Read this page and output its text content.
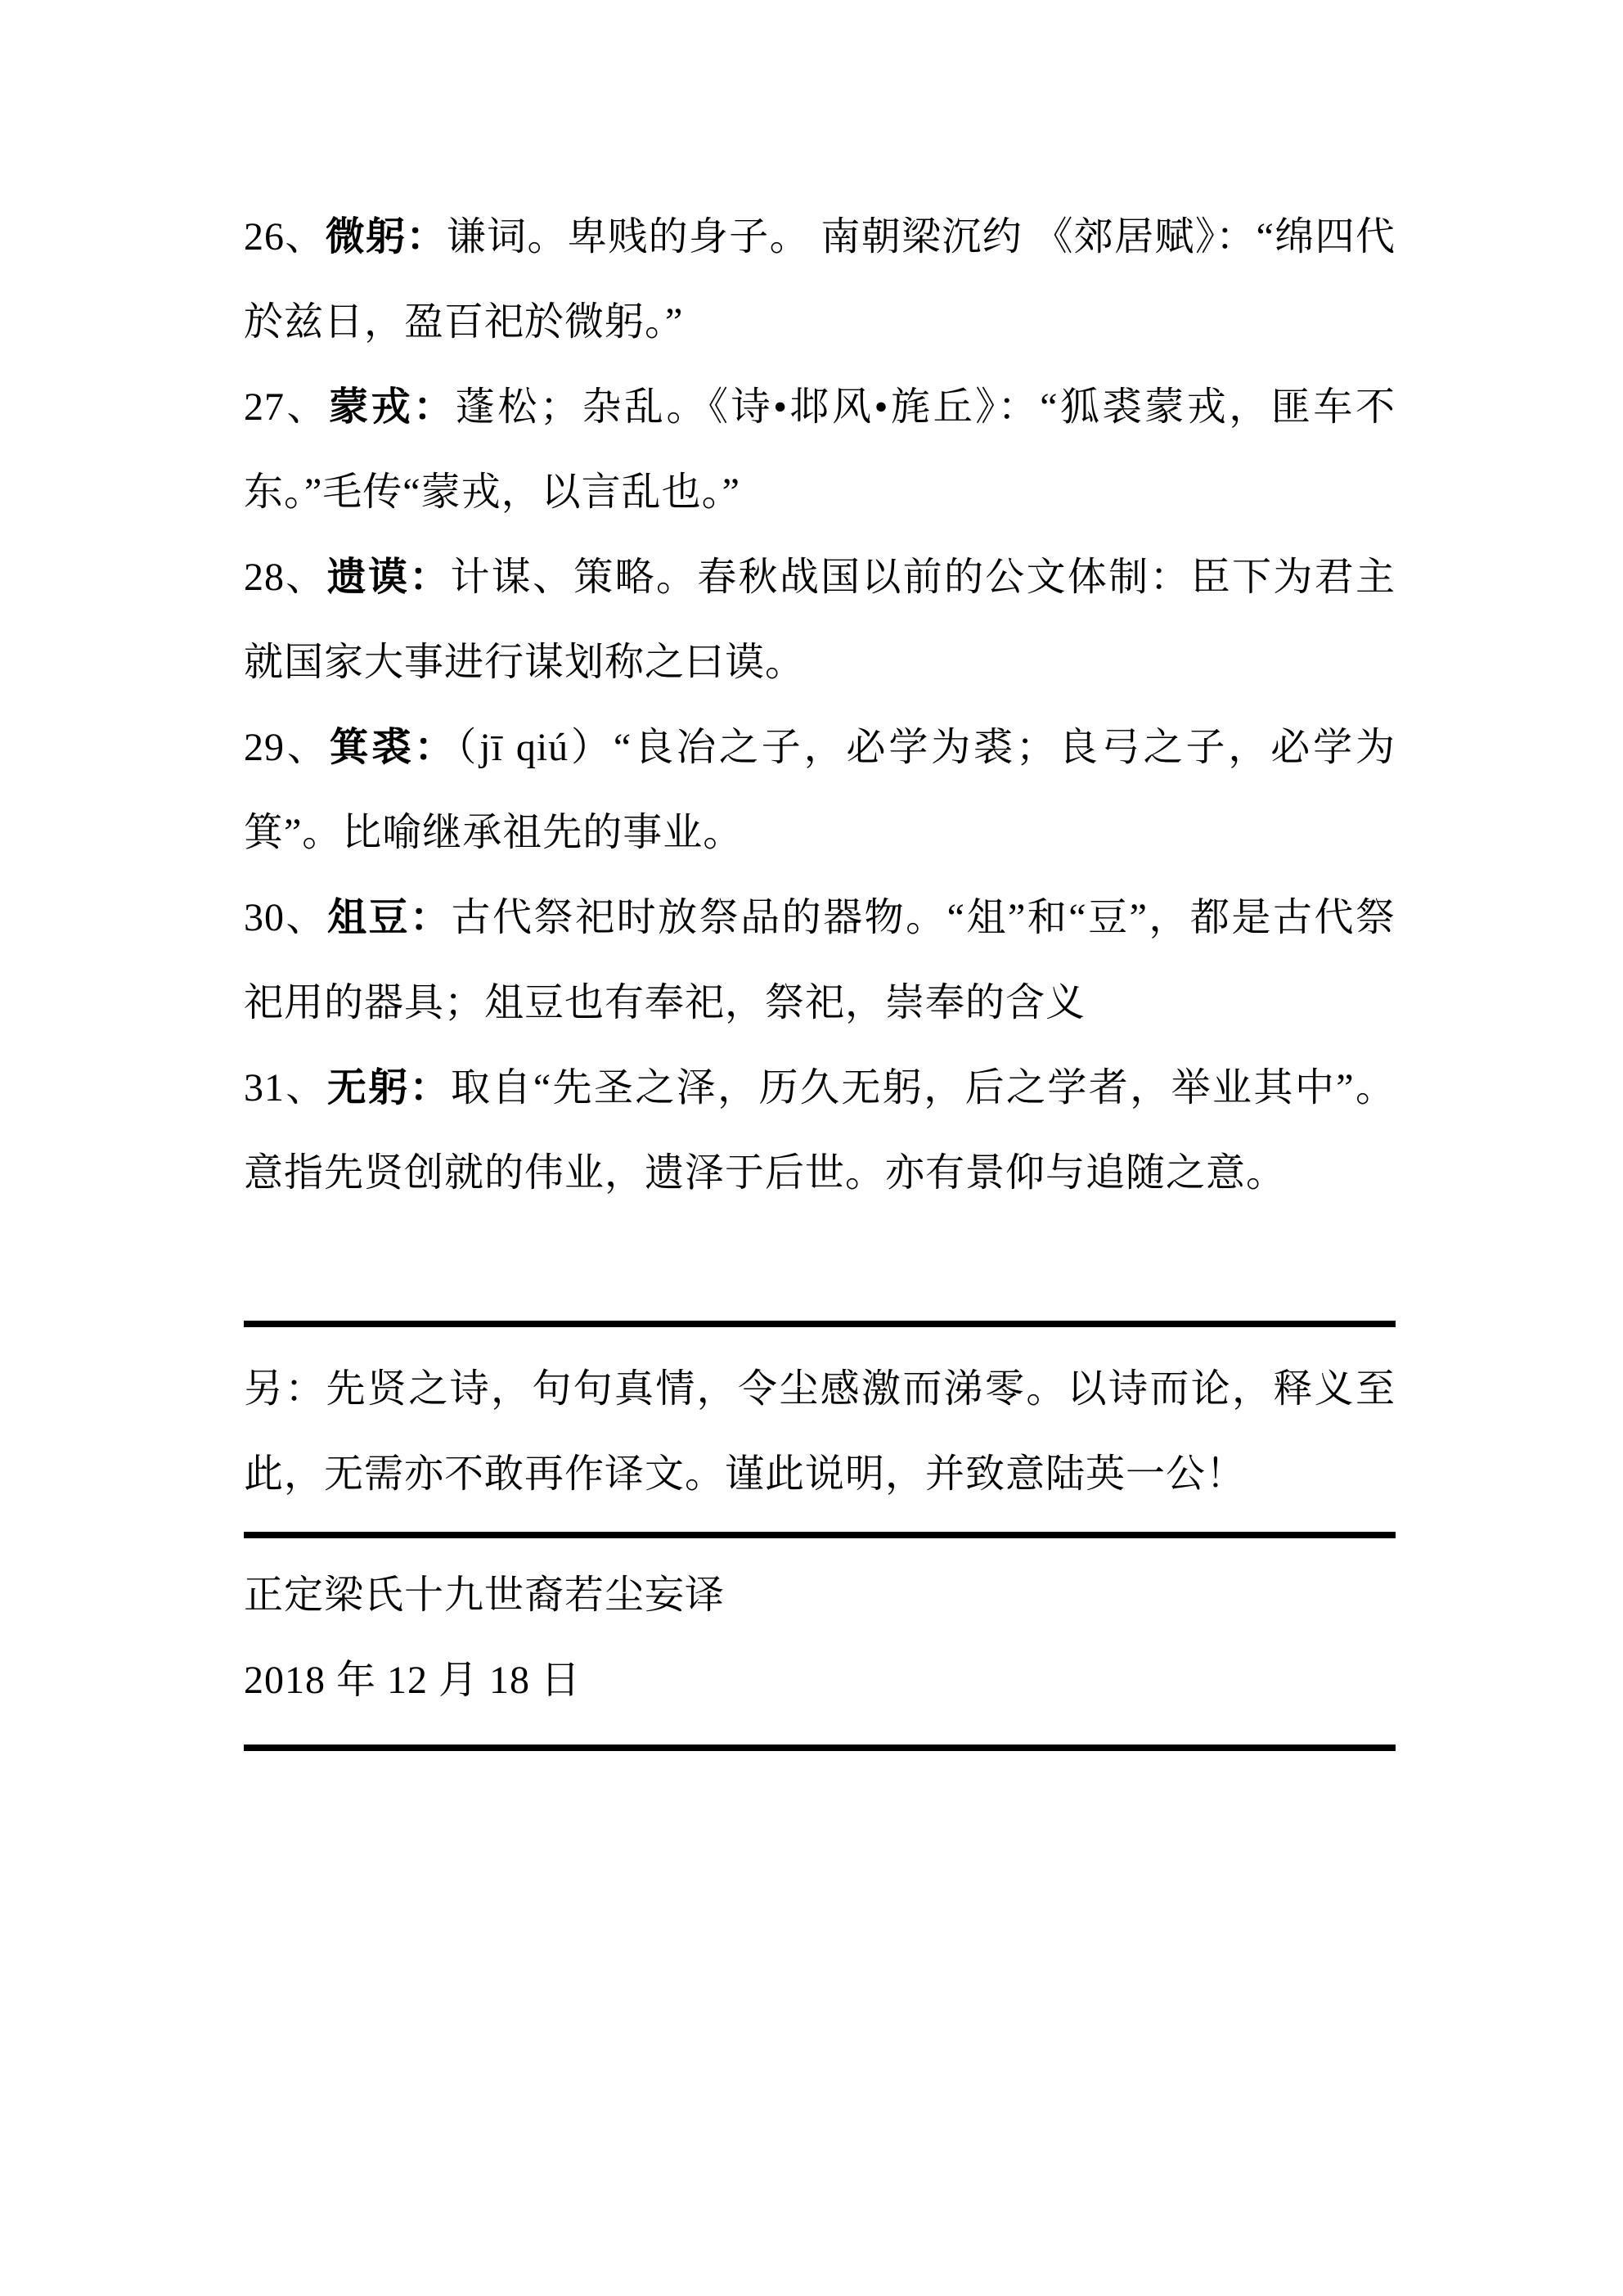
26、微躬：谦词。卑贱的身子。 南朝梁沉约 《郊居赋》：“绵四代於兹日，盈百祀於微躬。”

27、蒙戎：蓬松；杂乱。《诗•邶风•旄丘》：“狐裘蒙戎，匪车不东。”毛传“蒙戎，以言乱也。”

28、遗谟：计谋、策略。春秋战国以前的公文体制：臣下为君主就国家大事进行谋划称之曰谟。

29、箕裘：（jī qiú）“良冶之子，必学为裘；良弓之子，必学为箕”。比喻继承祖先的事业。

30、俎豆：古代祭祀时放祭品的器物。“俎”和“豆”，都是古代祭祀用的器具；俎豆也有奉祀，祭祀，崇奉的含义

31、无躬：取自“先圣之泽，历久无躬，后之学者，举业其中”。意指先贤创就的伟业，遗泽于后世。亦有景仰与追随之意。

另：先贤之诗，句句真情，令尘感激而涕零。以诗而论，释义至此，无需亦不敢再作译文。谨此说明，并致意陆英一公！

正定梁氏十九世裔若尘妄译

2018 年 12 月 18 日
